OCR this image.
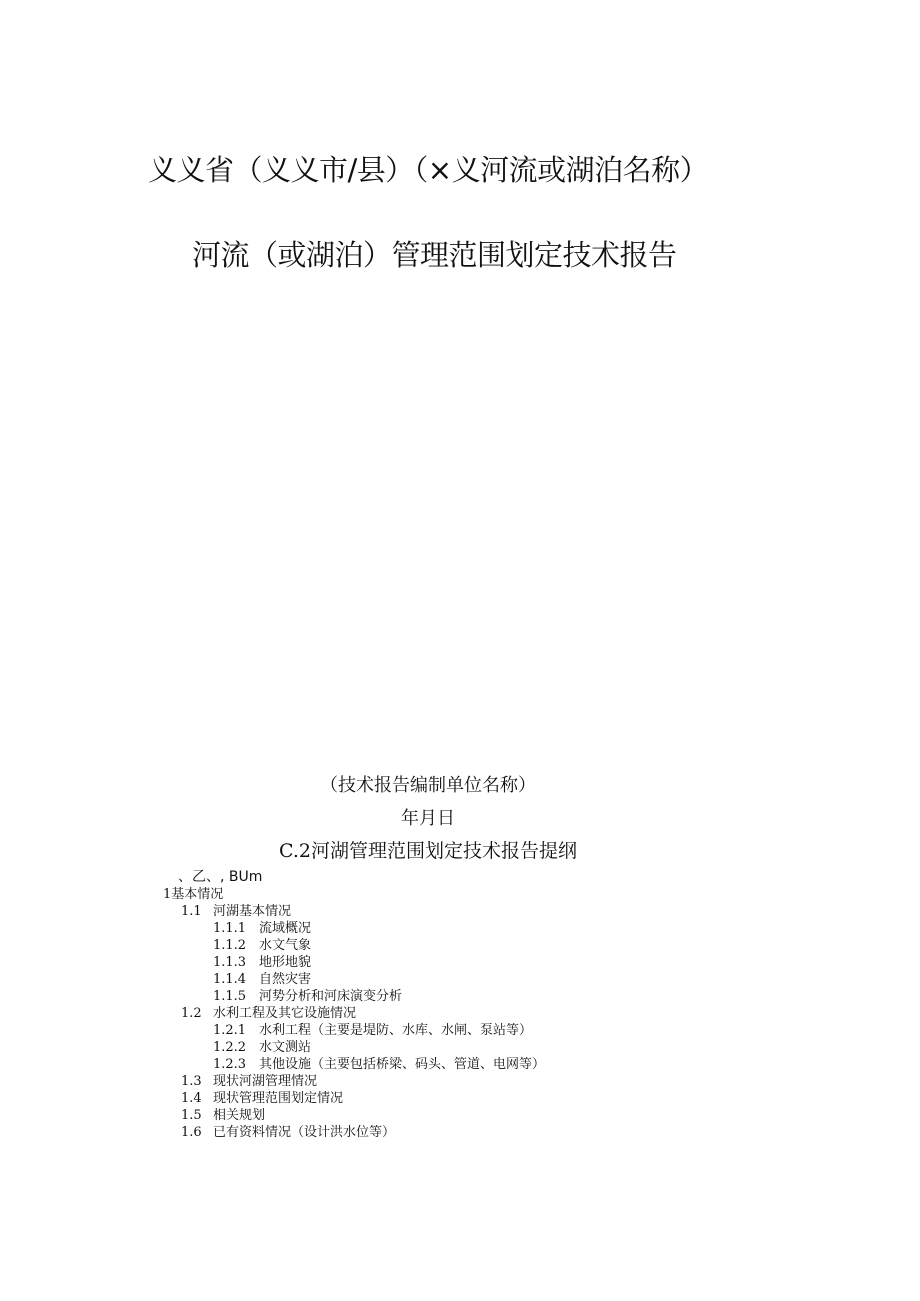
义义省（义义市/县）（×义河流或湖泊名称）
河流（或湖泊）管理范围划定技术报告
（技术报告编制单位名称）
年月日
C.2河湖管理范围划定技术报告提纲
、乙、, BUm
1基本情况
1.1 河湖基本情况
1.1.1 流域概况
1.1.2 水文气象
1.1.3 地形地貌
1.1.4 自然灾害
1.1.5 河势分析和河床演变分析
1.2 水利工程及其它设施情况
1.2.1 水利工程（主要是堤防、水库、水闸、泵站等）
1.2.2 水文测站
1.2.3 其他设施（主要包括桥梁、码头、管道、电网等）
1.3 现状河湖管理情况
1.4 现状管理范围划定情况
1.5 相关规划
1.6 已有资料情况（设计洪水位等）
